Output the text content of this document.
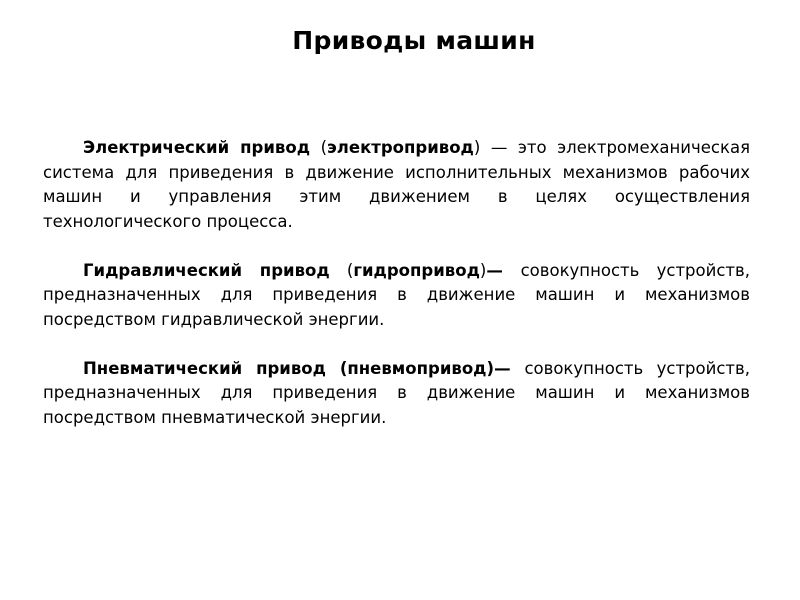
Приводы машин

Электрический привод (электропривод) — это электромеханическая система для приведения в движение исполнительных механизмов рабочих машин и управления этим движением в целях осуществления технологического процесса.

Гидравлический привод (гидропривод)— совокупность устройств, предназначенных для приведения в движение машин и механизмов посредством гидравлической энергии.

Пневматический привод (пневмопривод)— совокупность устройств, предназначенных для приведения в движение машин и механизмов посредством пневматической энергии.
